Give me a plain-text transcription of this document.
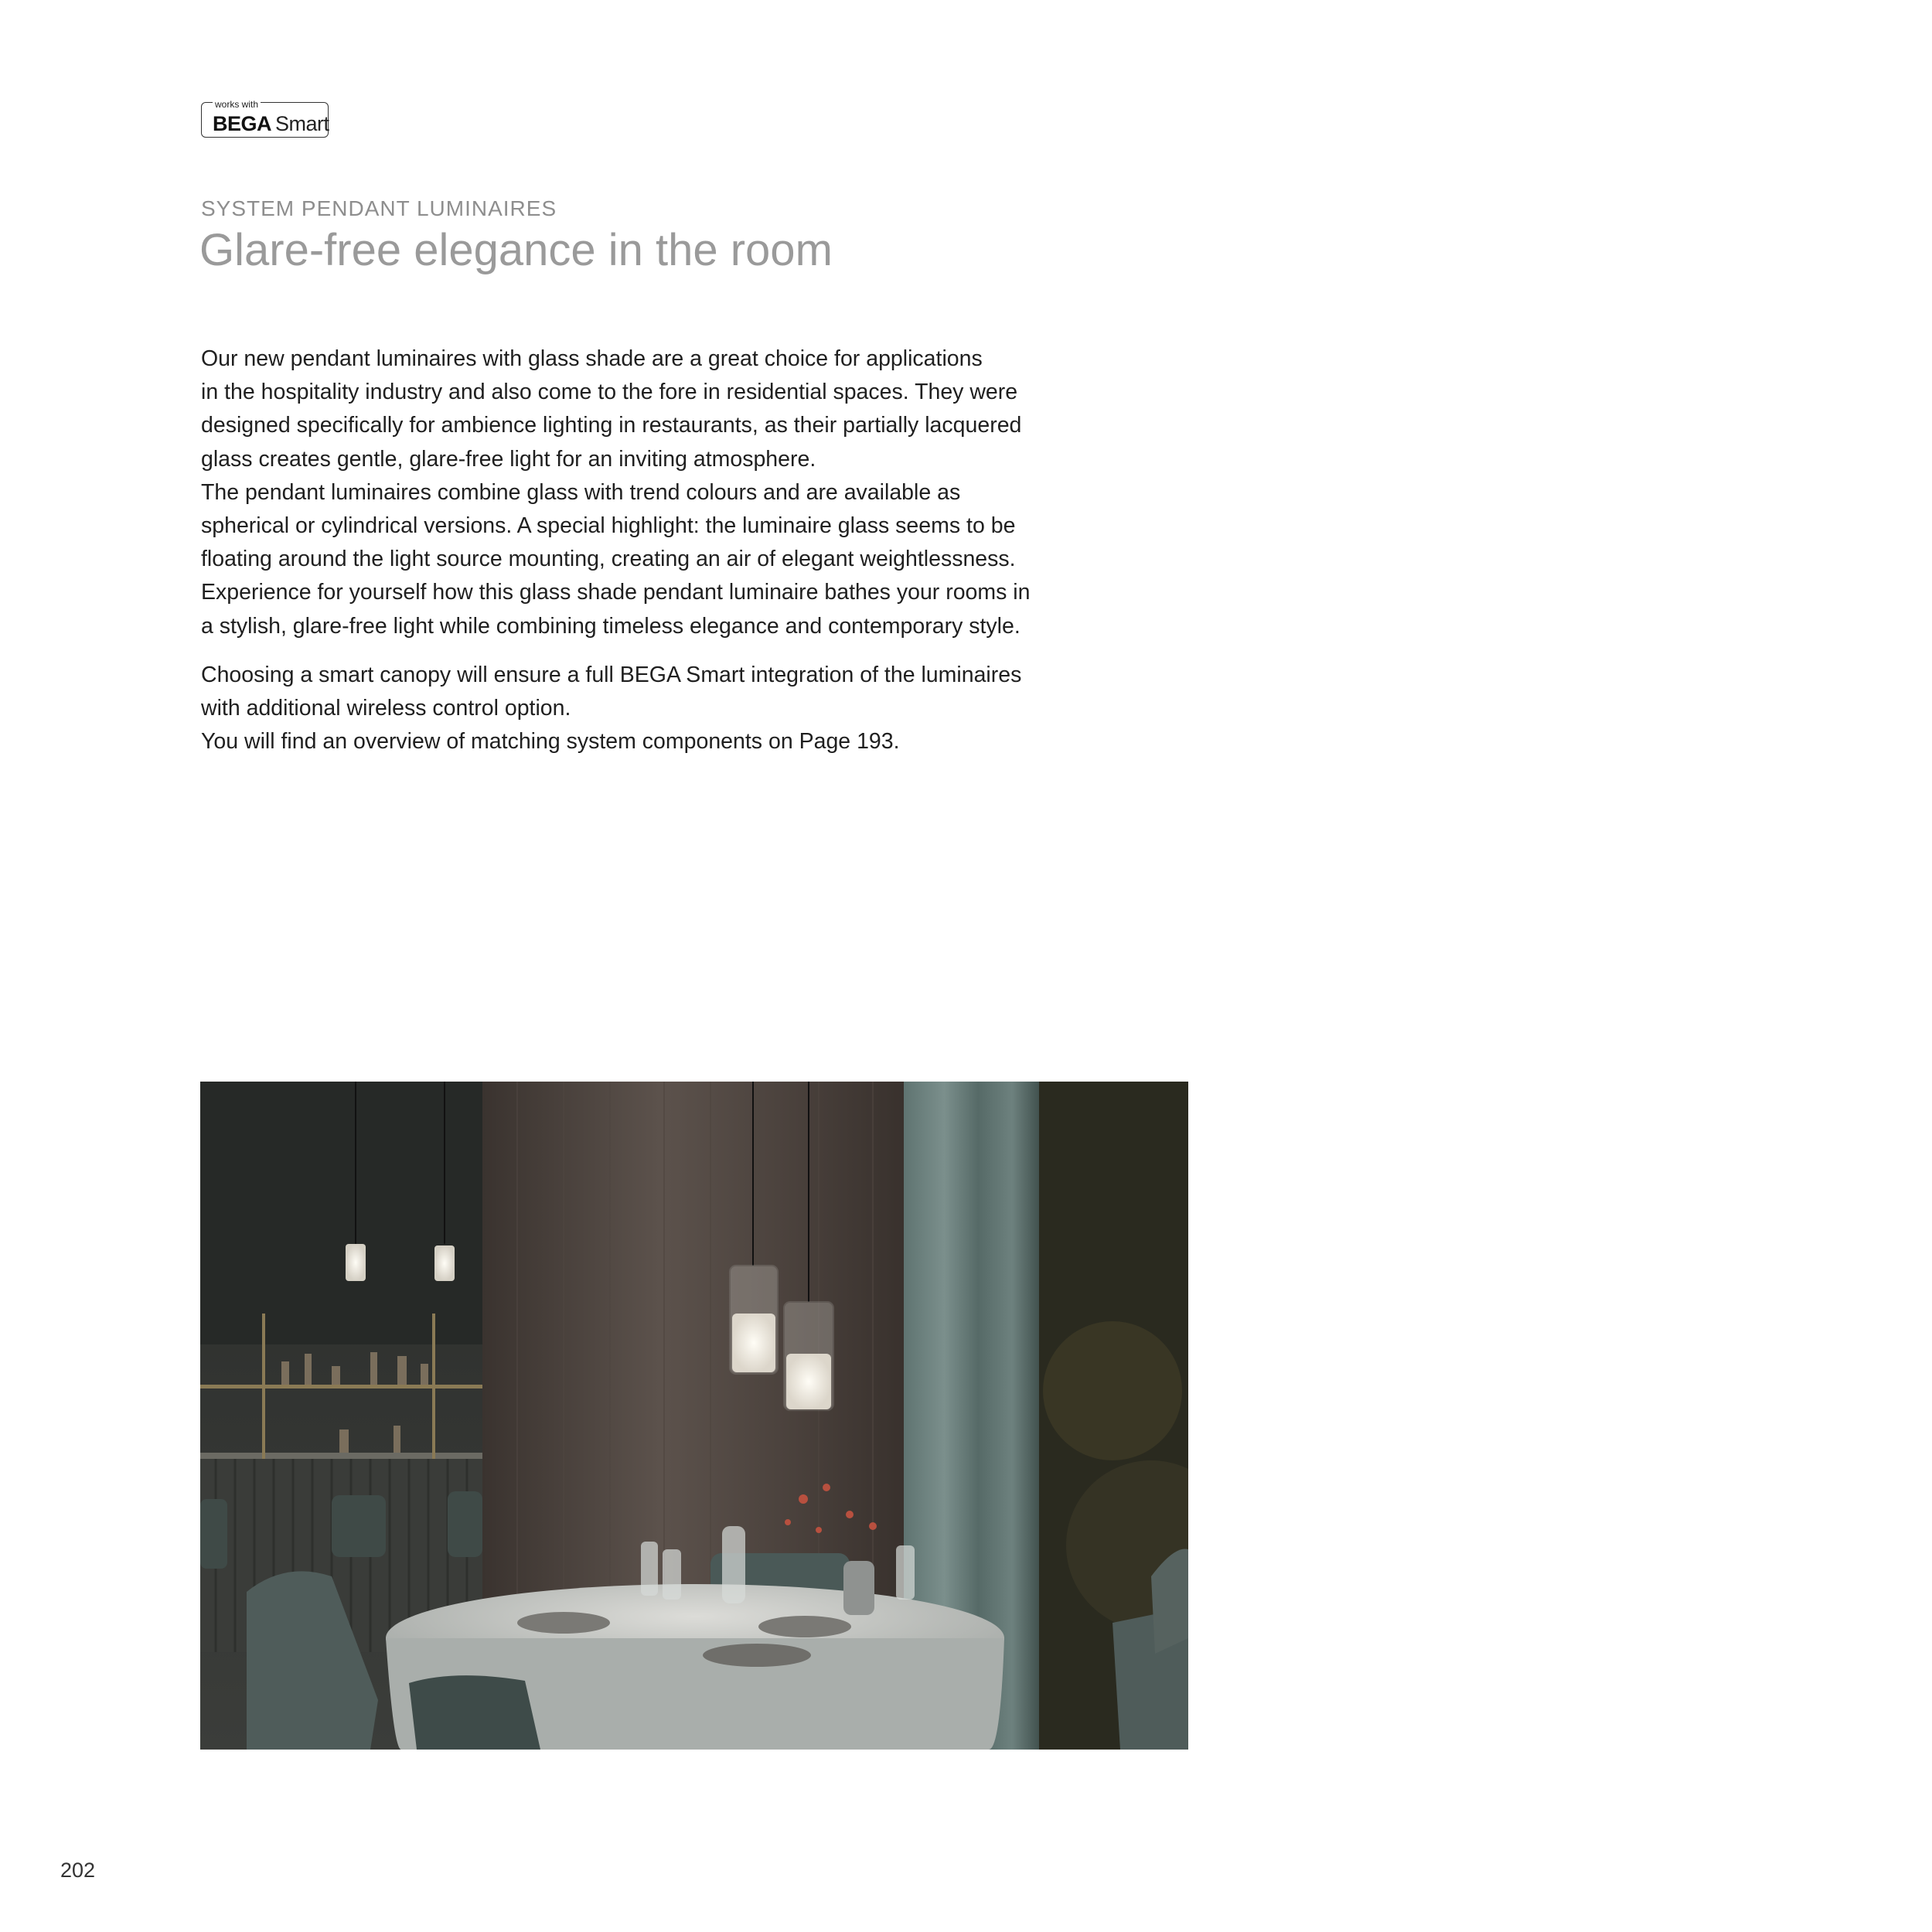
works with
BEGA Smart
SYSTEM PENDANT LUMINAIRES
Glare-free elegance in the room
Our new pendant luminaires with glass shade are a great choice for applications
in the hospitality industry and also come to the fore in residential spaces. They were
designed specifically for ambience lighting in restaurants, as their partially lacquered
glass creates gentle, glare-free light for an inviting atmosphere.
The pendant luminaires combine glass with trend colours and are available as
spherical or cylindrical versions. A special highlight: the luminaire glass seems to be
floating around the light source mounting, creating an air of elegant weightlessness.
Experience for yourself how this glass shade pendant luminaire bathes your rooms in
a stylish, glare-free light while combining timeless elegance and contemporary style.
Choosing a smart canopy will ensure a full BEGA Smart integration of the luminaires
with additional wireless control option.
You will find an overview of matching system components on Page 193.
202
